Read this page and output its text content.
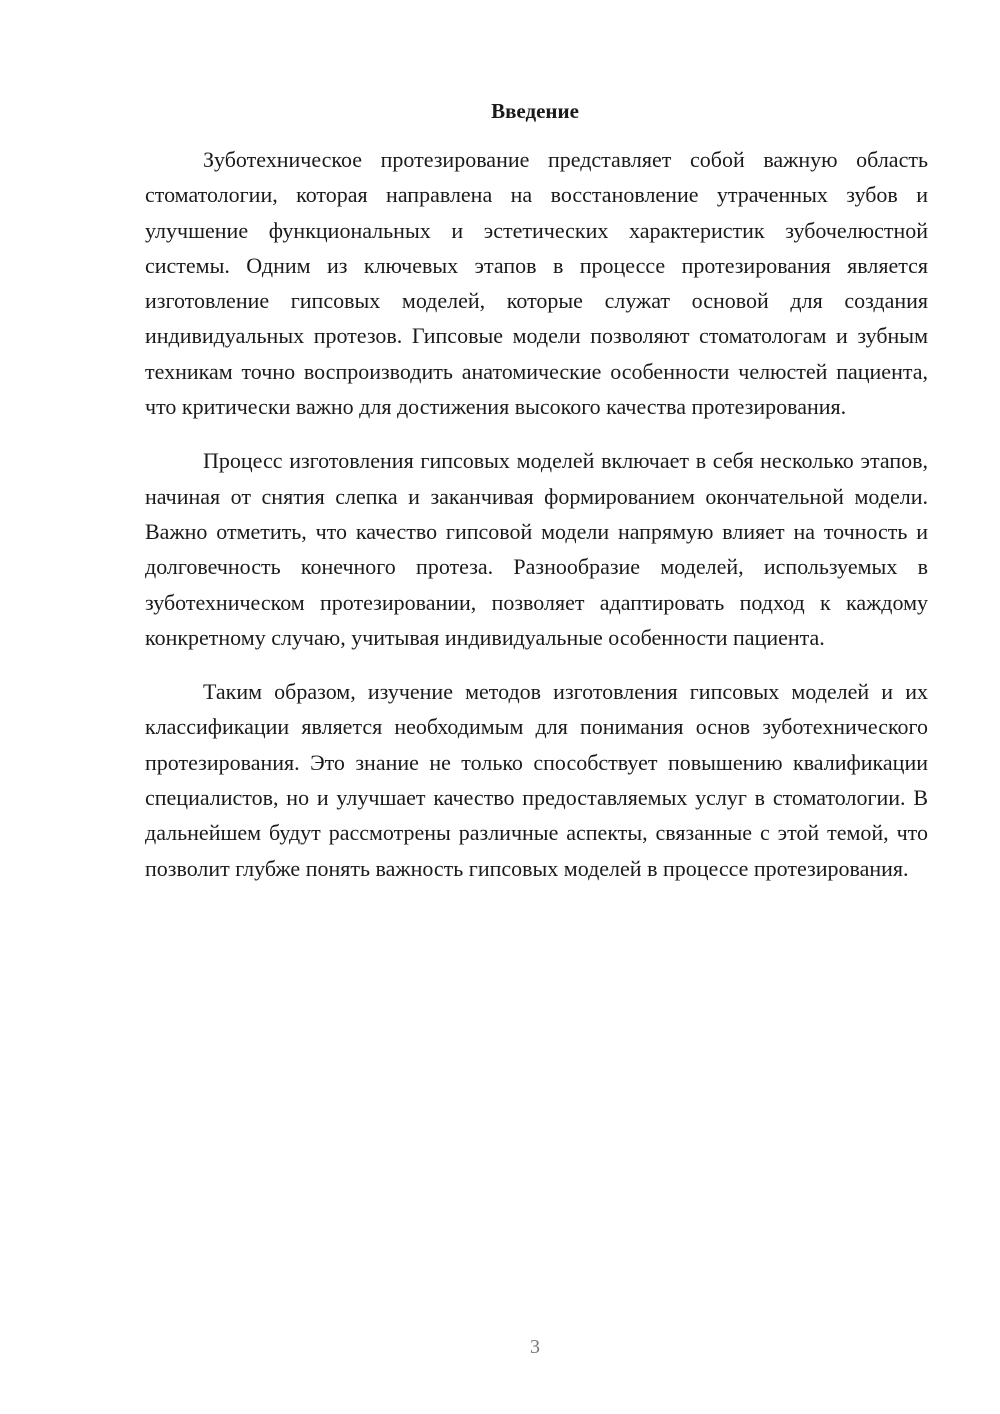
Введение

Зуботехническое протезирование представляет собой важную область стоматологии, которая направлена на восстановление утраченных зубов и улучшение функциональных и эстетических характеристик зубочелюстной системы. Одним из ключевых этапов в процессе протезирования является изготовление гипсовых моделей, которые служат основой для создания индивидуальных протезов. Гипсовые модели позволяют стоматологам и зубным техникам точно воспроизводить анатомические особенности челюстей пациента, что критически важно для достижения высокого качества протезирования.

Процесс изготовления гипсовых моделей включает в себя несколько этапов, начиная от снятия слепка и заканчивая формированием окончательной модели. Важно отметить, что качество гипсовой модели напрямую влияет на точность и долговечность конечного протеза. Разнообразие моделей, используемых в зуботехническом протезировании, позволяет адаптировать подход к каждому конкретному случаю, учитывая индивидуальные особенности пациента.

Таким образом, изучение методов изготовления гипсовых моделей и их классификации является необходимым для понимания основ зуботехнического протезирования. Это знание не только способствует повышению квалификации специалистов, но и улучшает качество предоставляемых услуг в стоматологии. В дальнейшем будут рассмотрены различные аспекты, связанные с этой темой, что позволит глубже понять важность гипсовых моделей в процессе протезирования.

3
